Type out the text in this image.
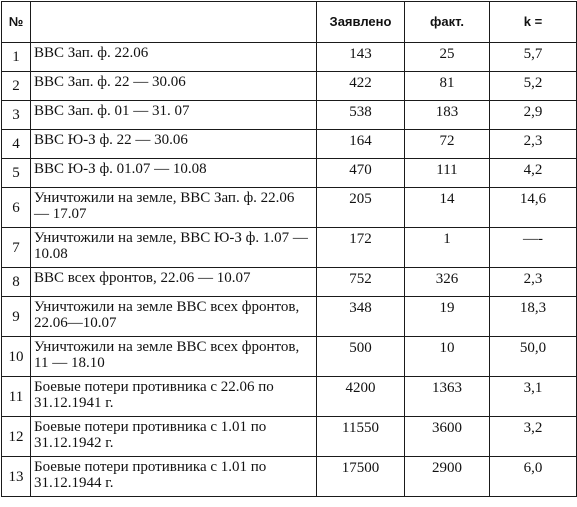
№		Заявлено	факт.	k =
1	ВВС Зап. ф. 22.06	143	25	5,7
2	ВВС Зап. ф. 22 — 30.06	422	81	5,2
3	ВВС Зап. ф. 01 — 31. 07	538	183	2,9
4	ВВС Ю-З ф. 22 — 30.06	164	72	2,3
5	ВВС Ю-З ф. 01.07 — 10.08	470	111	4,2
6	Уничтожили на земле, ВВС Зап. ф. 22.06 — 17.07	205	14	14,6
7	Уничтожили на земле, ВВС Ю-З ф. 1.07 — 10.08	172	1	—-
8	ВВС всех фронтов, 22.06 — 10.07	752	326	2,3
9	Уничтожили на земле ВВС всех фронтов, 22.06—10.07	348	19	18,3
10	Уничтожили на земле ВВС всех фронтов, 11 — 18.10	500	10	50,0
11	Боевые потери противника с 22.06 по 31.12.1941 г.	4200	1363	3,1
12	Боевые потери противника с 1.01 по 31.12.1942 г.	11550	3600	3,2
13	Боевые потери противника с 1.01 по 31.12.1944 г.	17500	2900	6,0
